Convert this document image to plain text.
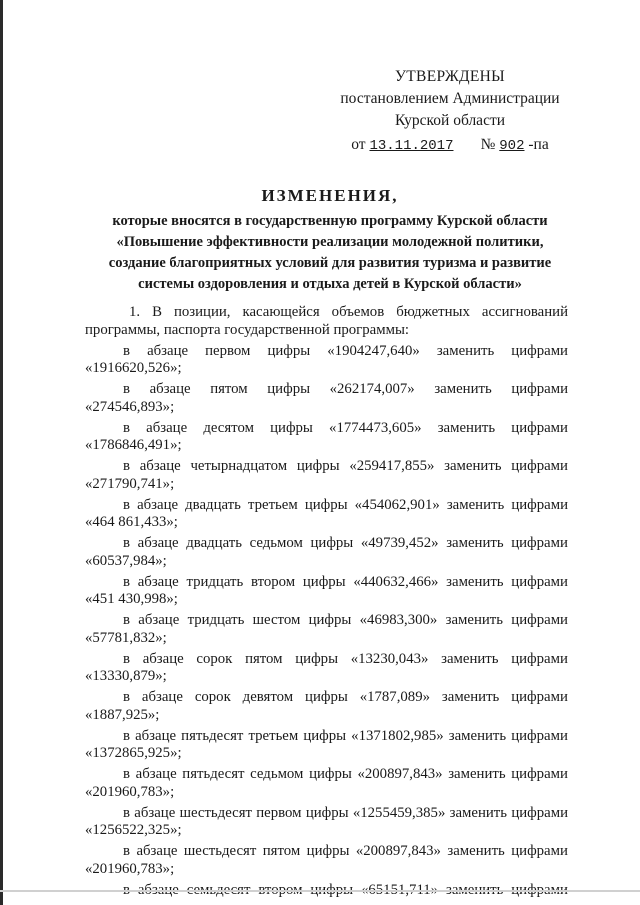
УТВЕРЖДЕНЫ
постановлением Администрации
Курской области
от 13.11.2017 № 902 -па
ИЗМЕНЕНИЯ,
которые вносятся в государственную программу Курской области
«Повышение эффективности реализации молодежной политики,
создание благоприятных условий для развития туризма и развитие
системы оздоровления и отдыха детей в Курской области»

1. В позиции, касающейся объемов бюджетных ассигнований программы, паспорта государственной программы:

в абзаце первом цифры «1904247,640» заменить цифрами
«1916620,526»;
в абзаце пятом цифры «262174,007» заменить цифрами
«274546,893»;
в абзаце десятом цифры «1774473,605» заменить цифрами
«1786846,491»;
в абзаце четырнадцатом цифры «259417,855» заменить цифрами
«271790,741»;
в абзаце двадцать третьем цифры «454062,901» заменить цифрами
«464 861,433»;
в абзаце двадцать седьмом цифры «49739,452» заменить цифрами
«60537,984»;
в абзаце тридцать втором цифры «440632,466» заменить цифрами
«451 430,998»;
в абзаце тридцать шестом цифры «46983,300» заменить цифрами
«57781,832»;
в абзаце сорок пятом цифры «13230,043» заменить цифрами
«13330,879»;
в абзаце сорок девятом цифры «1787,089» заменить цифрами
«1887,925»;
в абзаце пятьдесят третьем цифры «1371802,985» заменить цифрами
«1372865,925»;
в абзаце пятьдесят седьмом цифры «200897,843» заменить цифрами
«201960,783»;
в абзаце шестьдесят первом цифры «1255459,385» заменить цифрами
«1256522,325»;
в абзаце шестьдесят пятом цифры «200897,843» заменить цифрами
«201960,783»;
